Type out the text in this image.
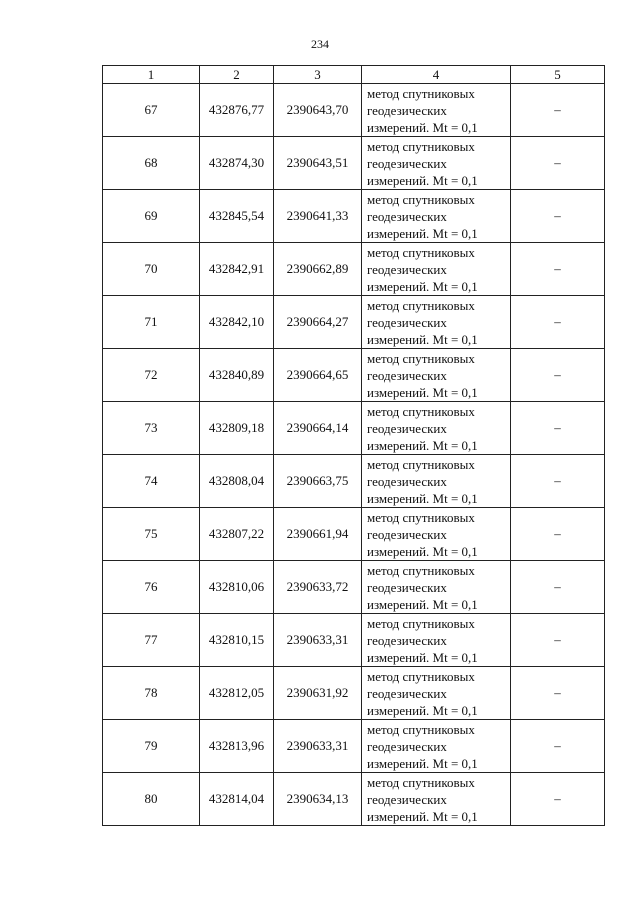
234
1	2	3	4	5
67	432876,77	2390643,70	метод спутниковых
геодезических
измерений. Mt = 0,1	–
68	432874,30	2390643,51	метод спутниковых
геодезических
измерений. Mt = 0,1	–
69	432845,54	2390641,33	метод спутниковых
геодезических
измерений. Mt = 0,1	–
70	432842,91	2390662,89	метод спутниковых
геодезических
измерений. Mt = 0,1	–
71	432842,10	2390664,27	метод спутниковых
геодезических
измерений. Mt = 0,1	–
72	432840,89	2390664,65	метод спутниковых
геодезических
измерений. Mt = 0,1	–
73	432809,18	2390664,14	метод спутниковых
геодезических
измерений. Mt = 0,1	–
74	432808,04	2390663,75	метод спутниковых
геодезических
измерений. Mt = 0,1	–
75	432807,22	2390661,94	метод спутниковых
геодезических
измерений. Mt = 0,1	–
76	432810,06	2390633,72	метод спутниковых
геодезических
измерений. Mt = 0,1	–
77	432810,15	2390633,31	метод спутниковых
геодезических
измерений. Mt = 0,1	–
78	432812,05	2390631,92	метод спутниковых
геодезических
измерений. Mt = 0,1	–
79	432813,96	2390633,31	метод спутниковых
геодезических
измерений. Mt = 0,1	–
80	432814,04	2390634,13	метод спутниковых
геодезических
измерений. Mt = 0,1	–
